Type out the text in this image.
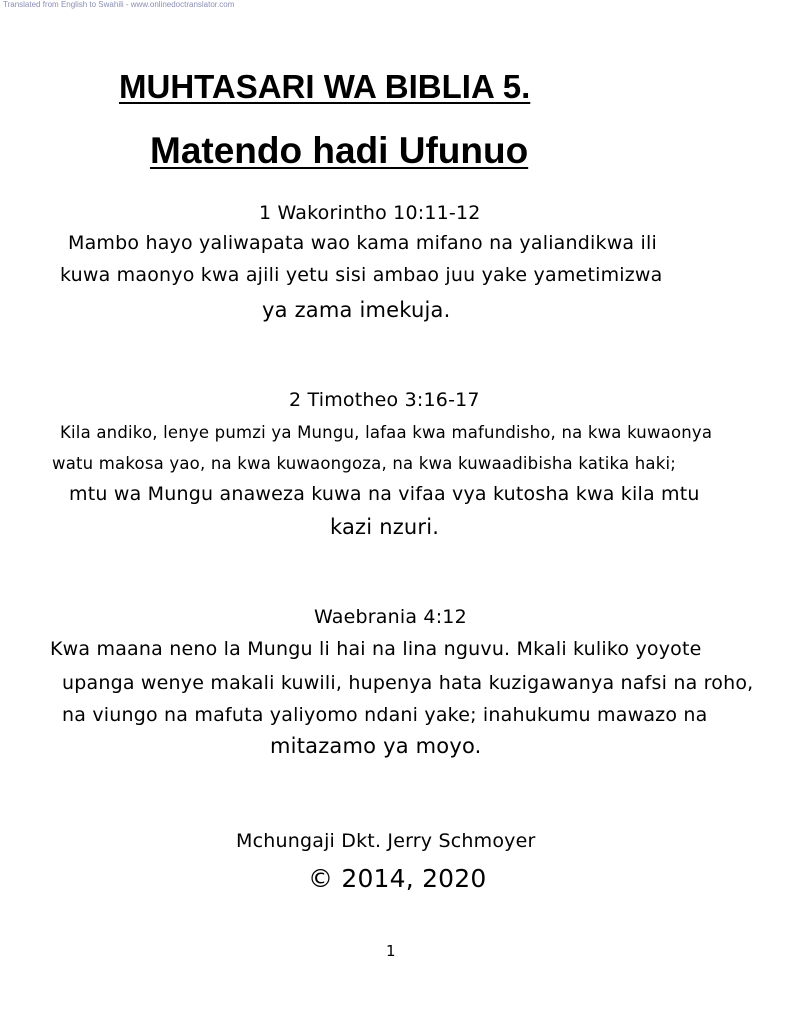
Translated from English to Swahili - www.onlinedoctranslator.com
MUHTASARI WA BIBLIA 5.
Matendo hadi Ufunuo
1 Wakorintho 10:11-12
Mambo hayo yaliwapata wao kama mifano na yaliandikwa ili
kuwa maonyo kwa ajili yetu sisi ambao juu yake yametimizwa
ya zama imekuja.
2 Timotheo 3:16-17
Kila andiko, lenye pumzi ya Mungu, lafaa kwa mafundisho, na kwa kuwaonya
watu makosa yao, na kwa kuwaongoza, na kwa kuwaadibisha katika haki;
mtu wa Mungu anaweza kuwa na vifaa vya kutosha kwa kila mtu
kazi nzuri.
Waebrania 4:12
Kwa maana neno la Mungu li hai na lina nguvu. Mkali kuliko yoyote
upanga wenye makali kuwili, hupenya hata kuzigawanya nafsi na roho,
na viungo na mafuta yaliyomo ndani yake; inahukumu mawazo na
mitazamo ya moyo.
Mchungaji Dkt. Jerry Schmoyer
© 2014, 2020
1
